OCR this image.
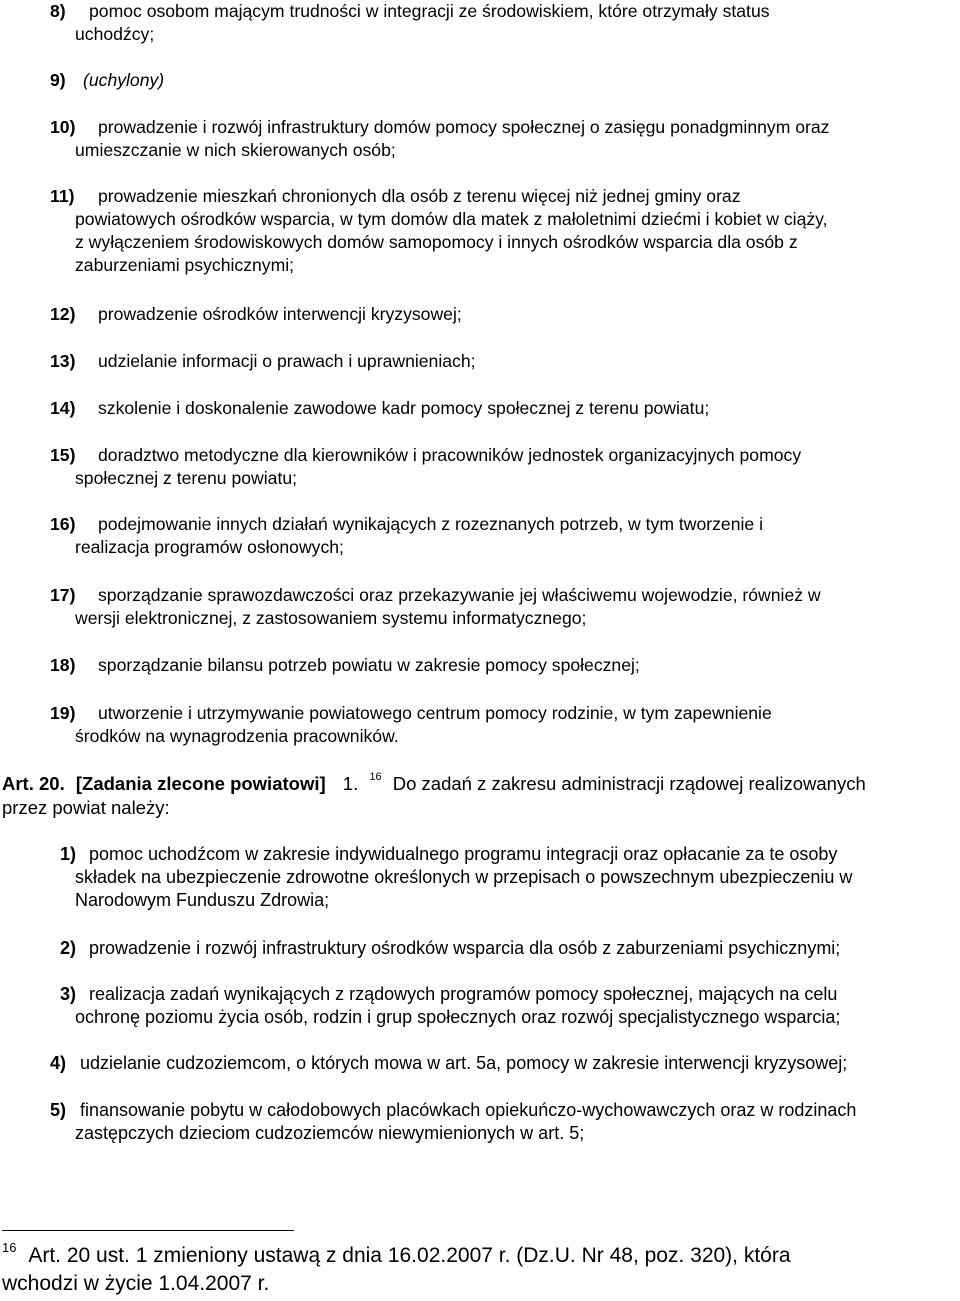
8) pomoc osobom mającym trudności w integracji ze środowiskiem, które otrzymały status
uchodźcy;
9) (uchylony)
10) prowadzenie i rozwój infrastruktury domów pomocy społecznej o zasięgu ponadgminnym oraz
umieszczanie w nich skierowanych osób;
11) prowadzenie mieszkań chronionych dla osób z terenu więcej niż jednej gminy oraz
powiatowych ośrodków wsparcia, w tym domów dla matek z małoletnimi dziećmi i kobiet w ciąży,
z wyłączeniem środowiskowych domów samopomocy i innych ośrodków wsparcia dla osób z
zaburzeniami psychicznymi;
12) prowadzenie ośrodków interwencji kryzysowej;
13) udzielanie informacji o prawach i uprawnieniach;
14) szkolenie i doskonalenie zawodowe kadr pomocy społecznej z terenu powiatu;
15) doradztwo metodyczne dla kierowników i pracowników jednostek organizacyjnych pomocy
społecznej z terenu powiatu;
16) podejmowanie innych działań wynikających z rozeznanych potrzeb, w tym tworzenie i
realizacja programów osłonowych;
17) sporządzanie sprawozdawczości oraz przekazywanie jej właściwemu wojewodzie, również w
wersji elektronicznej, z zastosowaniem systemu informatycznego;
18) sporządzanie bilansu potrzeb powiatu w zakresie pomocy społecznej;
19) utworzenie i utrzymywanie powiatowego centrum pomocy rodzinie, w tym zapewnienie
środków na wynagrodzenia pracowników.
Art. 20. [Zadania zlecone powiatowi] 1. $^{16}$ Do zadań z zakresu administracji rządowej realizowanych
przez powiat należy:
1) pomoc uchodźcom w zakresie indywidualnego programu integracji oraz opłacanie za te osoby
składek na ubezpieczenie zdrowotne określonych w przepisach o powszechnym ubezpieczeniu w
Narodowym Funduszu Zdrowia;
2) prowadzenie i rozwój infrastruktury ośrodków wsparcia dla osób z zaburzeniami psychicznymi;
3) realizacja zadań wynikających z rządowych programów pomocy społecznej, mających na celu
ochronę poziomu życia osób, rodzin i grup społecznych oraz rozwój specjalistycznego wsparcia;
4) udzielanie cudzoziemcom, o których mowa w art. 5a, pomocy w zakresie interwencji kryzysowej;
5) finansowanie pobytu w całodobowych placówkach opiekuńczo-wychowawczych oraz w rodzinach
zastępczych dzieciom cudzoziemców niewymienionych w art. 5;
$^{16}$ Art. 20 ust. 1 zmieniony ustawą z dnia 16.02.2007 r. (Dz.U. Nr 48, poz. 320), która
wchodzi w życie 1.04.2007 r.
